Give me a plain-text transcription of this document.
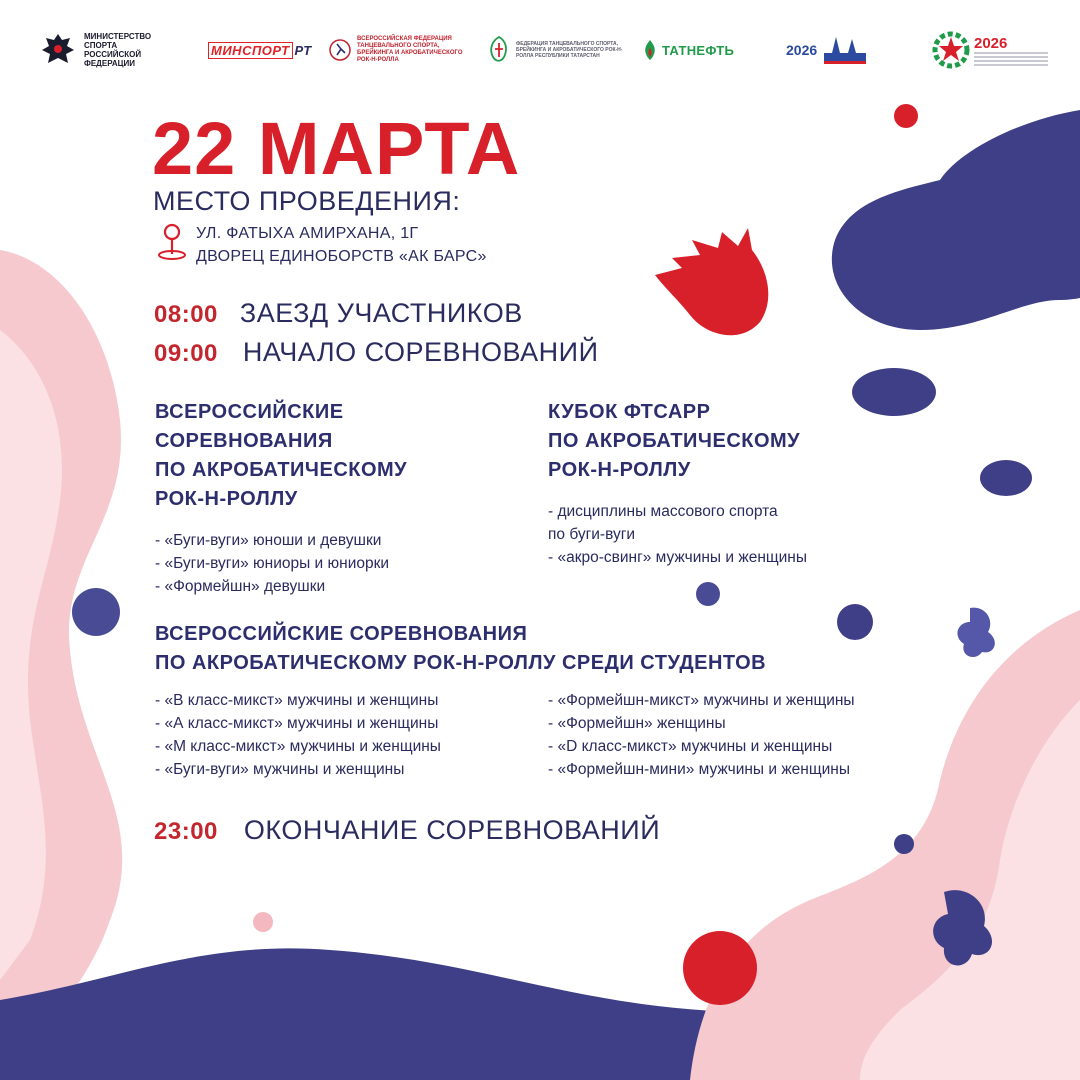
МИНИСТЕРСТВО СПОРТА РОССИЙСКОЙ ФЕДЕРАЦИИ
МИНСПОРТ РТ
ВСЕРОССИЙСКАЯ ФЕДЕРАЦИЯ ТАНЦЕВАЛЬНОГО СПОРТА, БРЕЙКИНГА И АКРОБАТИЧЕСКОГО РОК-Н-РОЛЛА
ФЕДЕРАЦИЯ ТАНЦЕВАЛЬНОГО СПОРТА, БРЕЙКИНГА И АКРОБАТИЧЕСКОГО РОК-Н-РОЛЛА РЕСПУБЛИКИ ТАТАРСТАН	ТАТНЕФТЬ	2026	2026
22 МАРТА
МЕСТО ПРОВЕДЕНИЯ:
УЛ. ФАТЫХА АМИРХАНА, 1Г
ДВОРЕЦ ЕДИНОБОРСТВ «АК БАРС»
08:00 ЗАЕЗД УЧАСТНИКОВ
09:00 НАЧАЛО СОРЕВНОВАНИЙ
ВСЕРОССИЙСКИЕ
СОРЕВНОВАНИЯ
ПО АКРОБАТИЧЕСКОМУ
РОК-Н-РОЛЛУ
- «Буги-вуги» юноши и девушки
- «Буги-вуги» юниоры и юниорки
- «Формейшн» девушки
КУБОК ФТСАРР
ПО АКРОБАТИЧЕСКОМУ
РОК-Н-РОЛЛУ
- дисциплины массового спорта
по буги-вуги
- «акро-свинг» мужчины и женщины
ВСЕРОССИЙСКИЕ СОРЕВНОВАНИЯ
ПО АКРОБАТИЧЕСКОМУ РОК-Н-РОЛЛУ СРЕДИ СТУДЕНТОВ
- «В класс-микст» мужчины и женщины
- «А класс-микст» мужчины и женщины
- «М класс-микст» мужчины и женщины
- «Буги-вуги» мужчины и женщины
- «Формейшн-микст» мужчины и женщины
- «Формейшн» женщины
- «D класс-микст» мужчины и женщины
- «Формейшн-мини» мужчины и женщины
23:00 ОКОНЧАНИЕ СОРЕВНОВАНИЙ
